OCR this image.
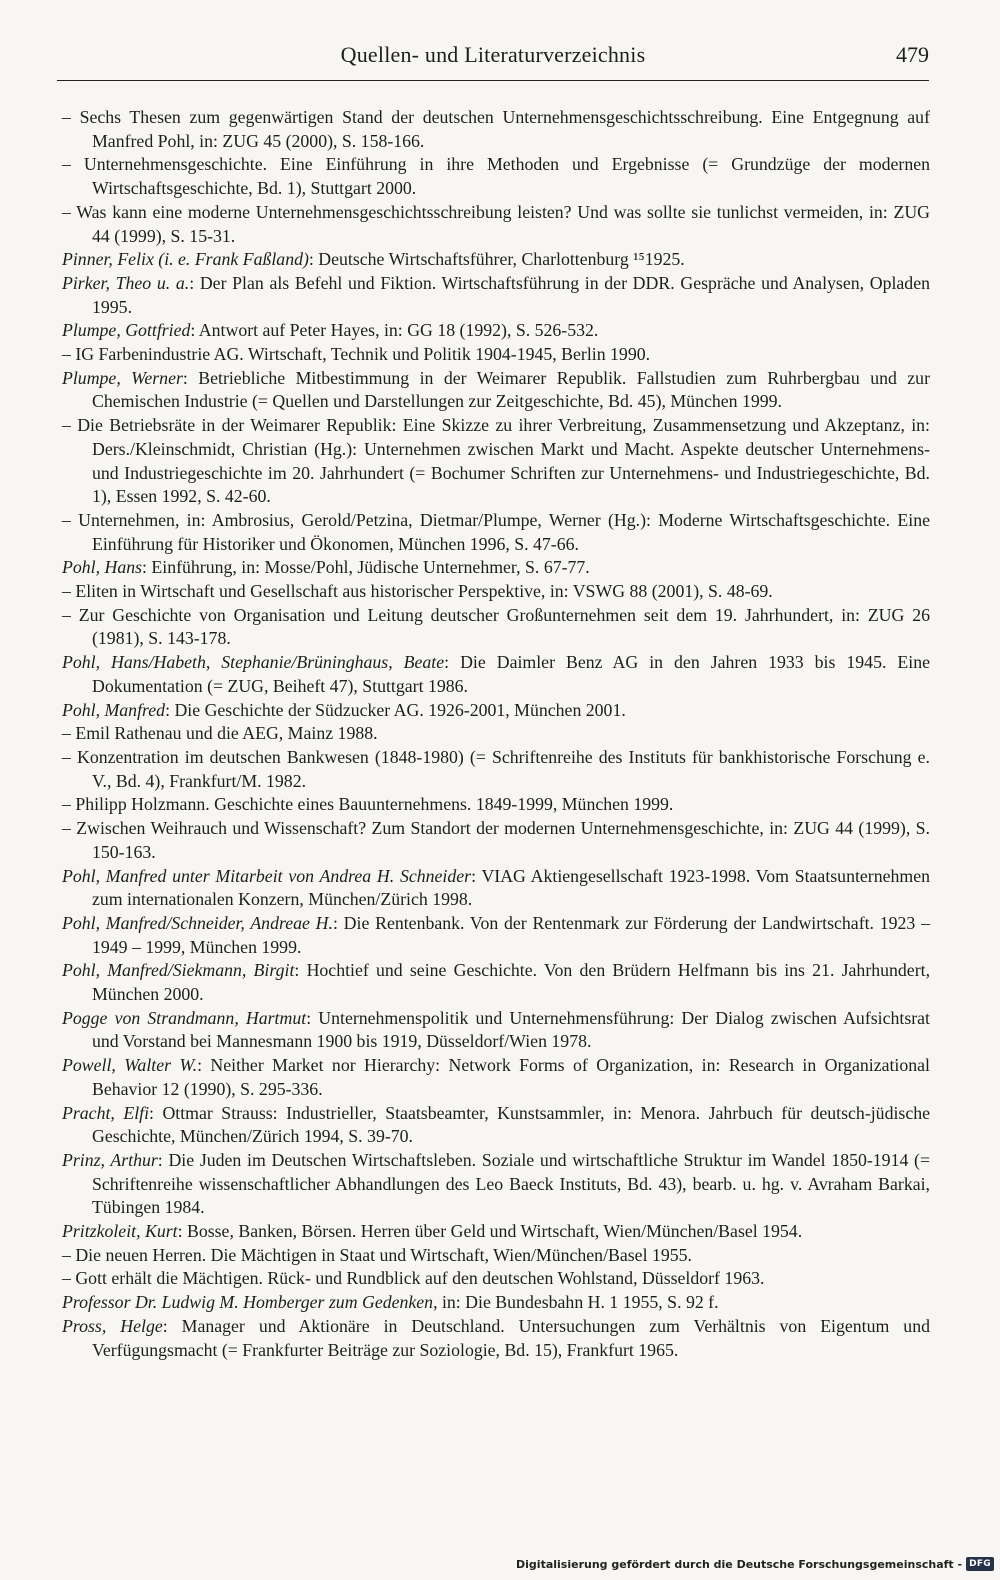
Quellen- und Literaturverzeichnis	479

– Sechs Thesen zum gegenwärtigen Stand der deutschen Unternehmensgeschichtsschreibung. Eine Entgegnung auf Manfred Pohl, in: ZUG 45 (2000), S. 158-166.

– Unternehmensgeschichte. Eine Einführung in ihre Methoden und Ergebnisse (= Grundzüge der modernen Wirtschaftsgeschichte, Bd. 1), Stuttgart 2000.

– Was kann eine moderne Unternehmensgeschichtsschreibung leisten? Und was sollte sie tunlichst vermeiden, in: ZUG 44 (1999), S. 15-31.

Pinner, Felix (i. e. Frank Faßland): Deutsche Wirtschaftsführer, Charlottenburg ¹⁵1925.

Pirker, Theo u. a.: Der Plan als Befehl und Fiktion. Wirtschaftsführung in der DDR. Gespräche und Analysen, Opladen 1995.

Plumpe, Gottfried: Antwort auf Peter Hayes, in: GG 18 (1992), S. 526-532.

– IG Farbenindustrie AG. Wirtschaft, Technik und Politik 1904-1945, Berlin 1990.

Plumpe, Werner: Betriebliche Mitbestimmung in der Weimarer Republik. Fallstudien zum Ruhrbergbau und zur Chemischen Industrie (= Quellen und Darstellungen zur Zeitgeschichte, Bd. 45), München 1999.

– Die Betriebsräte in der Weimarer Republik: Eine Skizze zu ihrer Verbreitung, Zusammensetzung und Akzeptanz, in: Ders./Kleinschmidt, Christian (Hg.): Unternehmen zwischen Markt und Macht. Aspekte deutscher Unternehmens- und Industriegeschichte im 20. Jahrhundert (= Bochumer Schriften zur Unternehmens- und Industriegeschichte, Bd. 1), Essen 1992, S. 42-60.

– Unternehmen, in: Ambrosius, Gerold/Petzina, Dietmar/Plumpe, Werner (Hg.): Moderne Wirtschaftsgeschichte. Eine Einführung für Historiker und Ökonomen, München 1996, S. 47-66.

Pohl, Hans: Einführung, in: Mosse/Pohl, Jüdische Unternehmer, S. 67-77.

– Eliten in Wirtschaft und Gesellschaft aus historischer Perspektive, in: VSWG 88 (2001), S. 48-69.

– Zur Geschichte von Organisation und Leitung deutscher Großunternehmen seit dem 19. Jahrhundert, in: ZUG 26 (1981), S. 143-178.

Pohl, Hans/Habeth, Stephanie/Brüninghaus, Beate: Die Daimler Benz AG in den Jahren 1933 bis 1945. Eine Dokumentation (= ZUG, Beiheft 47), Stuttgart 1986.

Pohl, Manfred: Die Geschichte der Südzucker AG. 1926-2001, München 2001.

– Emil Rathenau und die AEG, Mainz 1988.

– Konzentration im deutschen Bankwesen (1848-1980) (= Schriftenreihe des Instituts für bankhistorische Forschung e. V., Bd. 4), Frankfurt/M. 1982.

– Philipp Holzmann. Geschichte eines Bauunternehmens. 1849-1999, München 1999.

– Zwischen Weihrauch und Wissenschaft? Zum Standort der modernen Unternehmensgeschichte, in: ZUG 44 (1999), S. 150-163.

Pohl, Manfred unter Mitarbeit von Andrea H. Schneider: VIAG Aktiengesellschaft 1923-1998. Vom Staatsunternehmen zum internationalen Konzern, München/Zürich 1998.

Pohl, Manfred/Schneider, Andreae H.: Die Rentenbank. Von der Rentenmark zur Förderung der Landwirtschaft. 1923 – 1949 – 1999, München 1999.

Pohl, Manfred/Siekmann, Birgit: Hochtief und seine Geschichte. Von den Brüdern Helfmann bis ins 21. Jahrhundert, München 2000.

Pogge von Strandmann, Hartmut: Unternehmenspolitik und Unternehmensführung: Der Dialog zwischen Aufsichtsrat und Vorstand bei Mannesmann 1900 bis 1919, Düsseldorf/Wien 1978.

Powell, Walter W.: Neither Market nor Hierarchy: Network Forms of Organization, in: Research in Organizational Behavior 12 (1990), S. 295-336.

Pracht, Elfi: Ottmar Strauss: Industrieller, Staatsbeamter, Kunstsammler, in: Menora. Jahrbuch für deutsch-jüdische Geschichte, München/Zürich 1994, S. 39-70.

Prinz, Arthur: Die Juden im Deutschen Wirtschaftsleben. Soziale und wirtschaftliche Struktur im Wandel 1850-1914 (= Schriftenreihe wissenschaftlicher Abhandlungen des Leo Baeck Instituts, Bd. 43), bearb. u. hg. v. Avraham Barkai, Tübingen 1984.

Pritzkoleit, Kurt: Bosse, Banken, Börsen. Herren über Geld und Wirtschaft, Wien/München/Basel 1954.

– Die neuen Herren. Die Mächtigen in Staat und Wirtschaft, Wien/München/Basel 1955.

– Gott erhält die Mächtigen. Rück- und Rundblick auf den deutschen Wohlstand, Düsseldorf 1963.

Professor Dr. Ludwig M. Homberger zum Gedenken, in: Die Bundesbahn H. 1 1955, S. 92 f.

Pross, Helge: Manager und Aktionäre in Deutschland. Untersuchungen zum Verhältnis von Eigentum und Verfügungsmacht (= Frankfurter Beiträge zur Soziologie, Bd. 15), Frankfurt 1965.

Digitalisierung gefördert durch die Deutsche Forschungsgemeinschaft - DFG
